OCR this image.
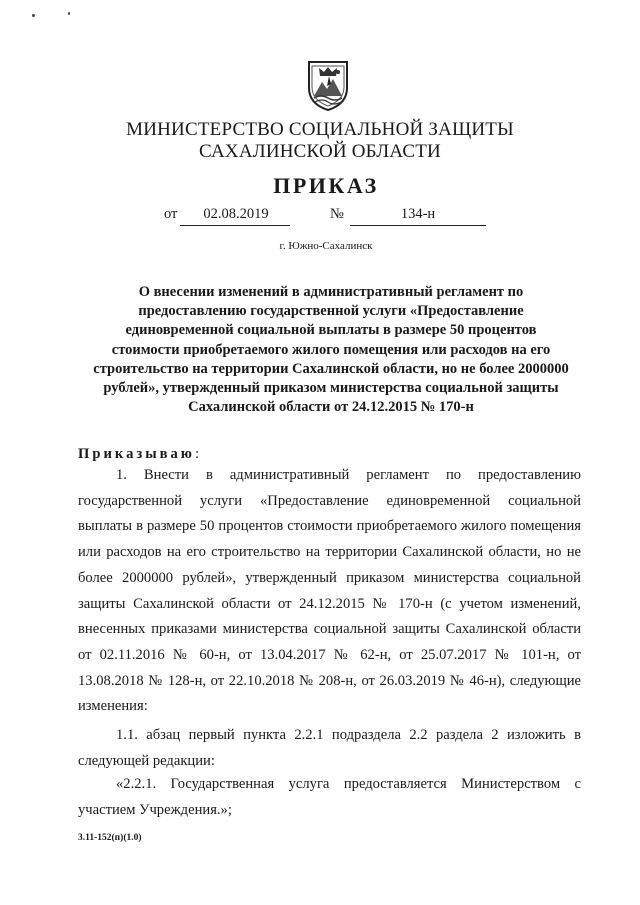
МИНИСТЕРСТВО СОЦИАЛЬНОЙ ЗАЩИТЫ
САХАЛИНСКОЙ ОБЛАСТИ
ПРИКАЗ
от	02.08.2019	№	134-н
г. Южно-Сахалинск
О внесении изменений в административный регламент по предоставлению государственной услуги «Предоставление единовременной социальной выплаты в размере 50 процентов стоимости приобретаемого жилого помещения или расходов на его строительство на территории Сахалинской области, но не более 2000000 рублей», утвержденный приказом министерства социальной защиты Сахалинской области от 24.12.2015 № 170-н
Приказываю:
1. Внести в административный регламент по предоставлению государственной услуги «Предоставление единовременной социальной выплаты в размере 50 процентов стоимости приобретаемого жилого помещения или расходов на его строительство на территории Сахалинской области, но не более 2000000 рублей», утвержденный приказом министерства социальной защиты Сахалинской области от 24.12.2015 № 170-н (с учетом изменений, внесенных приказами министерства социальной защиты Сахалинской области от 02.11.2016 № 60-н, от 13.04.2017 № 62-н, от 25.07.2017 № 101-н, от 13.08.2018 № 128-н, от 22.10.2018 № 208-н, от 26.03.2019 № 46-н), следующие изменения:
1.1. абзац первый пункта 2.2.1 подраздела 2.2 раздела 2 изложить в следующей редакции:
«2.2.1. Государственная услуга предоставляется Министерством с участием Учреждения.»;
3.11-152(п)(1.0)
